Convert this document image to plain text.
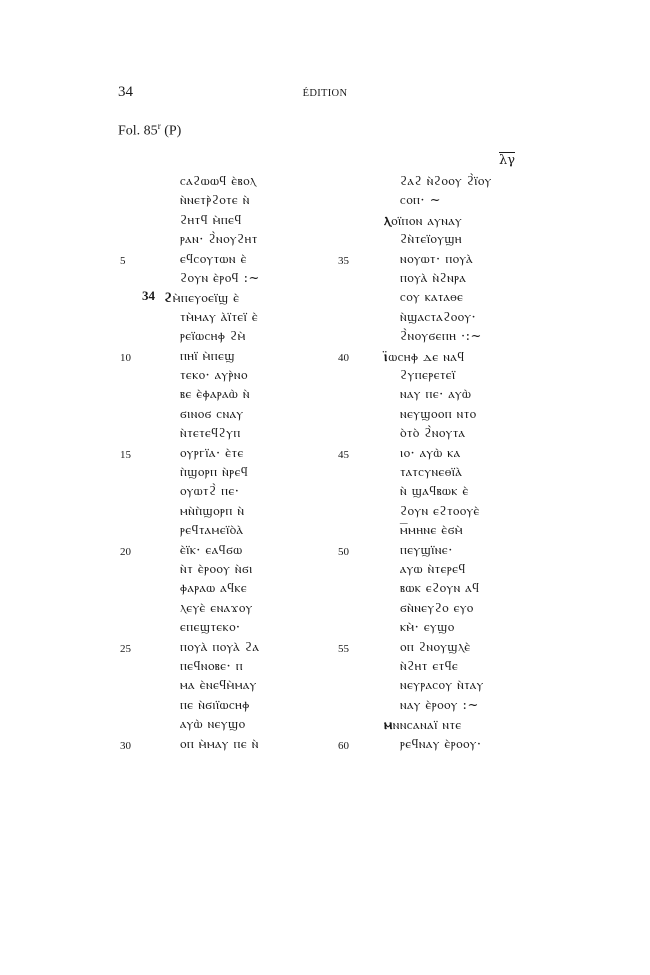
34	ÉDITION
Fol. 85$^r$ (P)
λγ
34
ⲥⲁϩⲱⲱϥ ⲉ̀ⲃⲟⲗ
ⲛ̀ⲛⲉⲧⲣ̀ϩⲟⲧⲉ ⲛ̀
ϩⲏⲧϥ ⲙ̀ⲡⲉϥ
ⲣⲁⲛ· ϩ̀ⲛⲟⲩϩⲏⲧ
ⲉϥⲥⲟⲩⲧⲱⲛ ⲉ̀
ϩⲟⲩⲛ ⲉ̀ⲣⲟϥ :~
ϩⲙ̀ⲡⲉⲩⲟⲉⲓ̈ϣ ⲉ̀
ⲧⲙ̀ⲙⲁⲩ ⲁ̀ⲓ̈ⲧⲉⲓ̈ ⲉ̀
ⲣⲉⲓ̈ⲱⲥⲏⲫ ϩⲙ̀
ⲡⲏⲓ̈ ⲙ̀ⲡⲉϣ
ⲧⲉⲕⲟ· ⲁⲩⲣ̀ⲛⲟ
ⲃⲉ ⲉ̀ⲫⲁⲣⲁⲱ̀ ⲛ̀
ϭⲓⲛⲟϭ ⲥⲛⲁⲩ
ⲛ̀ⲧⲉⲧⲉϥϩⲩⲡ
ⲟⲩⲣⲅⲓ̈ⲁ· ⲉ̀ⲧⲉ
ⲡ̀ϣⲟⲣⲡ ⲛ̀ⲣⲉϥ
ⲟⲩⲱⲧϩ̀ ⲡⲉ·
ⲙⲛ̀ⲡ̀ϣⲟⲣⲡ ⲛ̀
ⲣⲉϥⲧⲁⲙⲉⲓ̈ⲟ̀ⲁ̀
ⲉ̀ⲓ̈ⲕ· ⲉⲁϥϭⲱ
ⲛ̀ⲧ ⲉ̀ⲣⲟⲟⲩ ⲛ̀ϭⲓ
ⲫⲁⲣⲁⲱ ⲁϥⲕⲉ
ⲗⲉⲩⲉ̀ ⲉⲛⲁϫⲟⲩ
ⲉⲡⲉϣⲧⲉⲕⲟ·
ⲡⲟⲩⲁ̀ ⲡⲟⲩⲁ̀ ϩⲁ
ⲡⲉϥⲛⲟⲃⲉ· ⲡ
ⲙⲁ ⲉ̀ⲛⲉϥⲙ̀ⲙⲁⲩ
ⲡⲉ ⲛ̀ϭⲓⲓ̈ⲱⲥⲏⲫ
ⲁⲩⲱ̀ ⲛⲉⲩϣⲟ
ⲟⲡ ⲙ̀ⲙⲁⲩ ⲡⲉ ⲛ̀
ϩⲁϩ ⲛ̀ϩⲟⲟⲩ ϩ̀ⲓ̈ⲟⲩ
ⲥⲟⲡ· ~
ⲗⲟⲓ̈ⲡⲟⲛ ⲁⲩⲛⲁⲩ
ϩⲛ̀ⲧⲉⲓ̈ⲟⲩϣⲏ
ⲛⲟⲩⲱⲧ· ⲡⲟⲩⲁ̀
ⲡⲟⲩⲁ̀ ⲛ̀ϩⲛⲣⲁ
ⲥⲟⲩ ⲕⲁⲧⲁⲑⲉ
ⲛ̀ϣⲁⲥⲧⲁϩⲟⲟⲩ·
ϩ̀ⲛⲟⲩϭⲉⲡⲏ ·:~
ⲓ̈ⲱⲥⲏⲫ ⲇⲉ ⲛⲁϥ
ϩⲩⲡⲉⲣⲉⲧⲉⲓ̈
ⲛⲁⲩ ⲡⲉ· ⲁⲩⲱ̀
ⲛⲉⲩϣⲟⲟⲡ ⲛⲧⲟ
ⲟ̀ⲧⲟ̀ ϩ̀ⲛⲟⲩⲧⲁ
ⲓⲟ· ⲁⲩⲱ̀ ⲕⲁ
ⲧⲁⲧⲥⲩⲛⲉⲑⲓ̈ⲁ̀
ⲛ̀ ϣⲁϥⲃⲱⲕ ⲉ̀
ϩⲟⲩⲛ ⲉϩⲧⲟⲟⲩⲉ̀
ⲙ̅ⲙⲏⲛⲉ ⲉ̀ϭⲙ̀
ⲡⲉⲩϣⲓ̈ⲛⲉ·
ⲁⲩⲱ ⲛ̀ⲧⲉⲣⲉϥ
ⲃⲱⲕ ⲉϩⲟⲩⲛ ⲁϥ
ϭⲛ̀ⲛⲉⲩϩⲟ ⲉⲩⲟ
ⲕⲙ̀· ⲉⲩϣⲟ
ⲟⲡ ϩⲛⲟⲩϣⲗⲉ̀
ⲛ̀ϩⲏⲧ ⲉⲧϥⲉ
ⲛⲉⲩⲣⲁⲥⲟⲩ ⲛ̀ⲧⲁⲩ
ⲛⲁⲩ ⲉ̀ⲣⲟⲟⲩ :~
ⲙⲛⲛⲥⲁⲛⲁⲓ̈ ⲛⲧⲉ
ⲣⲉϥⲛⲁⲩ ⲉ̀ⲣⲟⲟⲩ·
5
10
15
20
25
30
35
40
45
50
55
60
